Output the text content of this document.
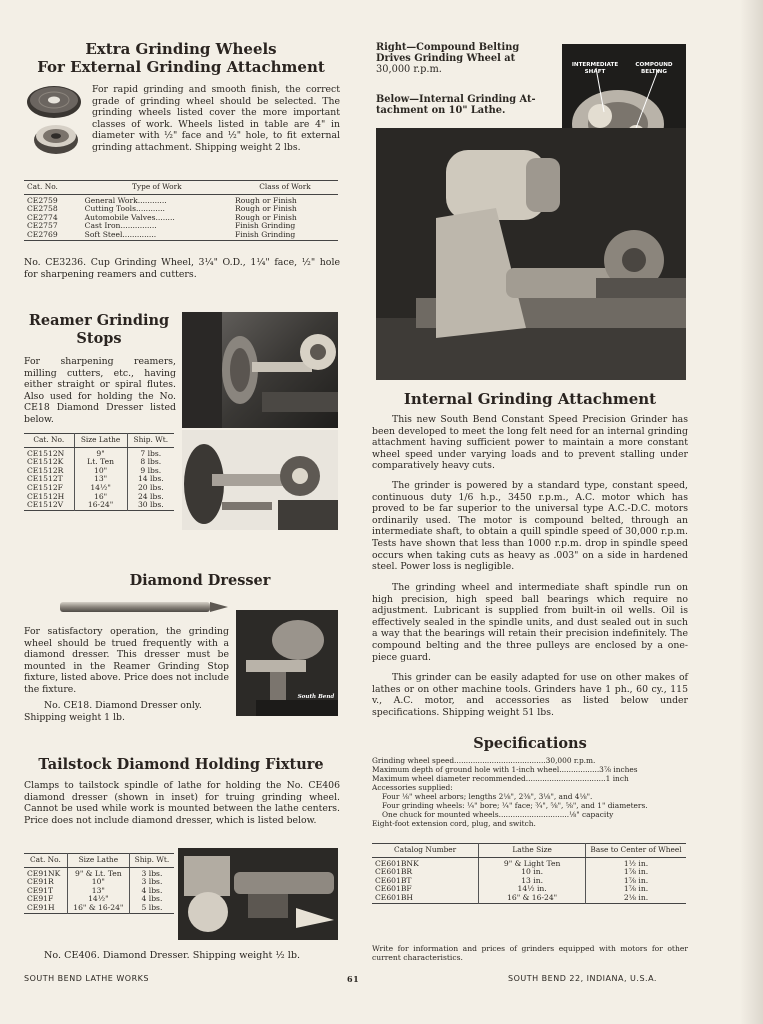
Extra Grinding Wheels
For External Grinding Attachment

For rapid grinding and smooth finish, the correct grade of grinding wheel should be selected. The grinding wheels listed cover the more important classes of work. Wheels listed in table are 4" in diameter with ½" face and ½" hole, to fit external grinding attachment. Shipping weight 2 lbs.

Cat. No.	Type of Work	Class of Work
CE2759	General Work............	Rough or Finish
CE2758	Cutting Tools............	Rough or Finish
CE2774	Automobile Valves........	Rough or Finish
CE2757	Cast Iron...............	Finish Grinding
CE2769	Soft Steel..............	Finish Grinding

No. CE3236. Cup Grinding Wheel, 3¼" O.D., 1¼" face, ½" hole for sharpening reamers and cutters.

Reamer Grinding
Stops

For sharpening reamers, milling cutters, etc., having either straight or spiral flutes. Also used for holding the No. CE18 Diamond Dresser listed below.

Cat. No.	Size Lathe	Ship. Wt.
CE1512N	9"	7 lbs.
CE1512K	Lt. Ten	8 lbs.
CE1512R	10"	9 lbs.
CE1512T	13"	14 lbs.
CE1512F	14½"	20 lbs.
CE1512H	16"	24 lbs.
CE1512V	16-24"	30 lbs.
Diamond Dresser

For satisfactory operation, the grinding wheel should be trued frequently with a diamond dresser. This dresser must be mounted in the Reamer Grinding Stop fixture, listed above. Price does not include the fixture.

No. CE18. Diamond Dresser only.

Shipping weight 1 lb.

South Bend
Tailstock Diamond Holding Fixture

Clamps to tailstock spindle of lathe for holding the No. CE406 diamond dresser (shown in inset) for truing grinding wheel. Cannot be used while work is mounted between the lathe centers. Price does not include diamond dresser, which is listed below.

Cat. No.	Size Lathe	Ship. Wt.
CE91NK	9" & Lt. Ten	3 lbs.
CE91R	10"	3 lbs.
CE91T	13"	4 lbs.
CE91F	14½"	4 lbs.
CE91H	16" & 16-24"	5 lbs.

No. CE406. Diamond Dresser. Shipping weight ½ lb.

Right—Compound Belting
Drives Grinding Wheel at
30,000 r.p.m.
Below—Internal Grinding At-
tachment on 10" Lathe.
INTERMEDIATE SHAFT
COMPOUND BELTING
Internal Grinding Attachment

This new South Bend Constant Speed Precision Grinder has been developed to meet the long felt need for an internal grinding attachment having sufficient power to maintain a more constant wheel speed under varying loads and to prevent stalling under comparatively heavy cuts.

The grinder is powered by a standard type, constant speed, continuous duty 1/6 h.p., 3450 r.p.m., A.C. motor which has proved to be far superior to the universal type A.C.-D.C. motors ordinarily used. The motor is compound belted, through an intermediate shaft, to obtain a quill spindle speed of 30,000 r.p.m. Tests have shown that less than 1000 r.p.m. drop in spindle speed occurs when taking cuts as heavy as .003" on a side in hardened steel. Power loss is negligible.

The grinding wheel and intermediate shaft spindle run on high precision, high speed ball bearings which require no adjustment. Lubricant is supplied from built-in oil wells. Oil is effectively sealed in the spindle units, and dust sealed out in such a way that the bearings will retain their precision indefinitely. The compound belting and the three pulleys are enclosed by a one-piece guard.

This grinder can be easily adapted for use on other makes of lathes or on other machine tools. Grinders have 1 ph., 60 cy., 115 v., A.C. motor, and accessories as listed below under specifications. Shipping weight 51 lbs.

Specifications
Grinding wheel speed.......................................30,000 r.p.m.
Maximum depth of ground hole with 1-inch wheel.................3⅞ inches
Maximum wheel diameter recommended..................................1 inch
Accessories supplied:
Four ⅛" wheel arbors; lengths 2⅛", 2⅜", 3⅛", and 4⅛".
Four grinding wheels: ¼" bore; ¼" face; ¾", ⅝", ⅝", and 1" diameters.
One chuck for mounted wheels..............................⅛" capacity
Eight-foot extension cord, plug, and switch.
Catalog Number	Lathe Size	Base to Center of Wheel
CE601BNK	9" & Light Ten	1½ in.
CE601BR	10 in.	1⅞ in.
CE601BT	13 in.	1⅞ in.
CE601BF	14½ in.	1⅞ in.
CE601BH	16" & 16-24"	2⅛ in.

Write for information and prices of grinders equipped with motors for other current characteristics.

SOUTH BEND LATHE WORKS	61	SOUTH BEND 22, INDIANA, U.S.A.
